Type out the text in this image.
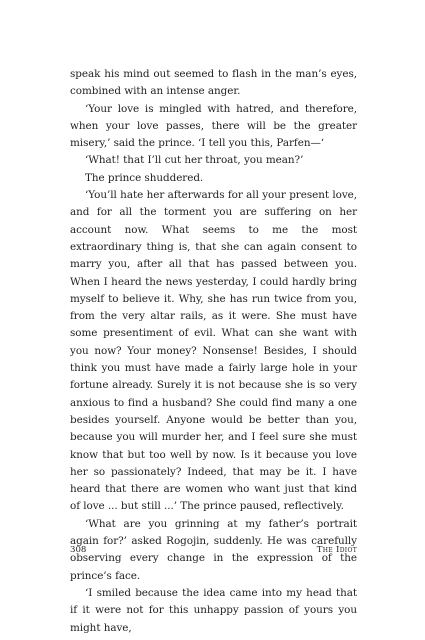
speak his mind out seemed to flash in the man’s eyes, combined with an intense anger.

‘Your love is mingled with hatred, and therefore, when your love passes, there will be the greater misery,’ said the prince. ‘I tell you this, Parfen—‘

‘What! that I’ll cut her throat, you mean?’

The prince shuddered.

‘You’ll hate her afterwards for all your present love, and for all the torment you are suffering on her account now. What seems to me the most extraordinary thing is, that she can again consent to marry you, after all that has passed between you. When I heard the news yesterday, I could hardly bring myself to believe it. Why, she has run twice from you, from the very altar rails, as it were. She must have some presentiment of evil. What can she want with you now? Your money? Nonsense! Besides, I should think you must have made a fairly large hole in your fortune already. Surely it is not because she is so very anxious to find a husband? She could find many a one besides yourself. Anyone would be better than you, because you will murder her, and I feel sure she must know that but too well by now. Is it because you love her so passionately? Indeed, that may be it. I have heard that there are women who want just that kind of love ... but still ...’ The prince paused, reflectively.

‘What are you grinning at my father’s portrait again for?’ asked Rogojin, suddenly. He was carefully observing every change in the expression of the prince’s face.

‘I smiled because the idea came into my head that if it were not for this unhappy passion of yours you might have,

308	The Idiot
